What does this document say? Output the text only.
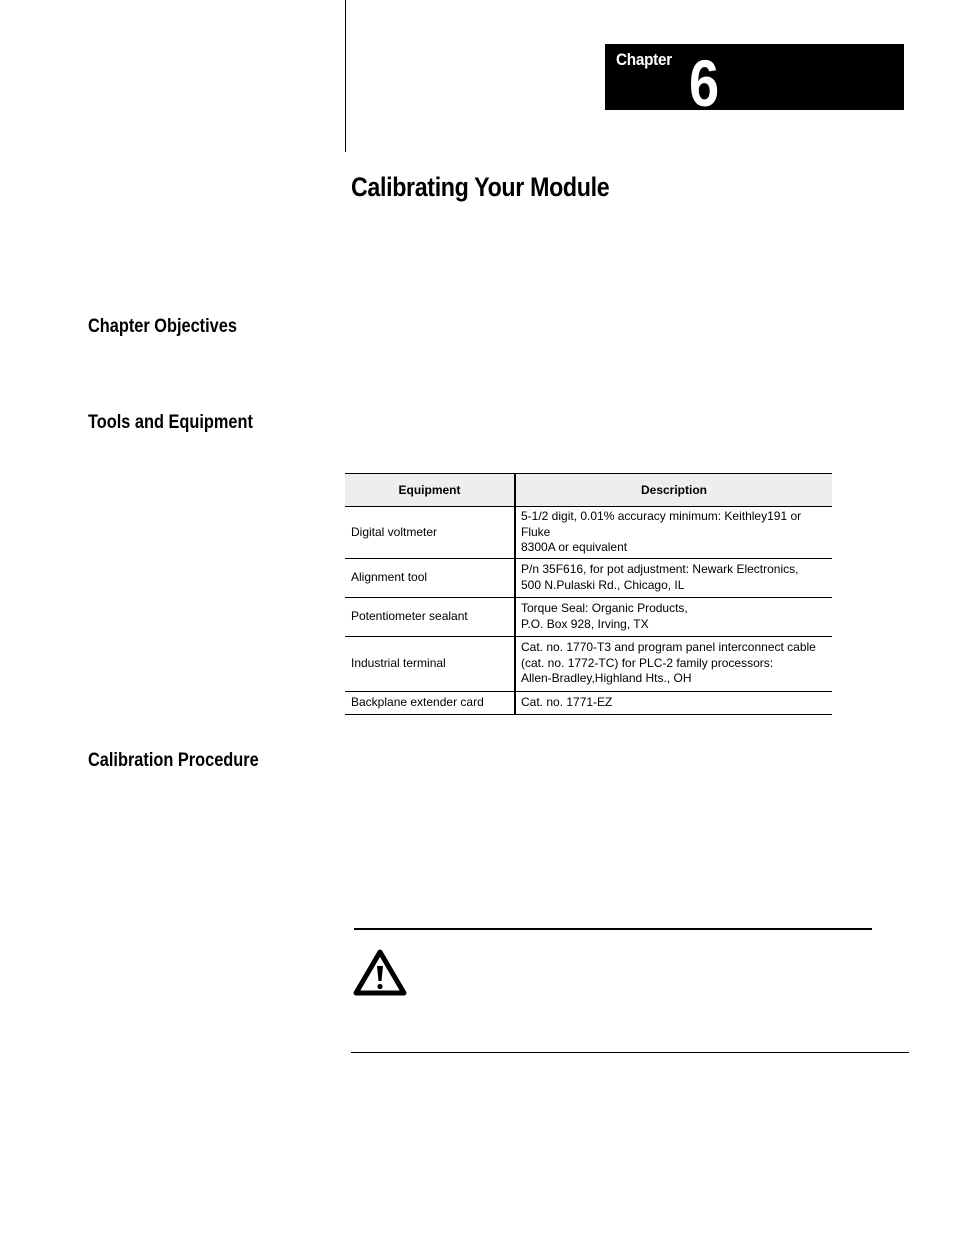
Chapter 6
Calibrating Your Module
Chapter Objectives
Tools and Equipment
Calibration Procedure
Equipment	Description
Digital voltmeter	5-1/2 digit, 0.01% accuracy minimum: Keithley191 or Fluke
8300A or equivalent
Alignment tool	P/n 35F616, for pot adjustment: Newark Electronics,
500 N.Pulaski Rd., Chicago, IL
Potentiometer sealant	Torque Seal: Organic Products,
P.O. Box 928, Irving, TX
Industrial terminal	Cat. no. 1770-T3 and program panel interconnect cable
(cat. no. 1772-TC) for PLC-2 family processors:
Allen-Bradley,Highland Hts., OH
Backplane extender card	Cat. no. 1771-EZ
